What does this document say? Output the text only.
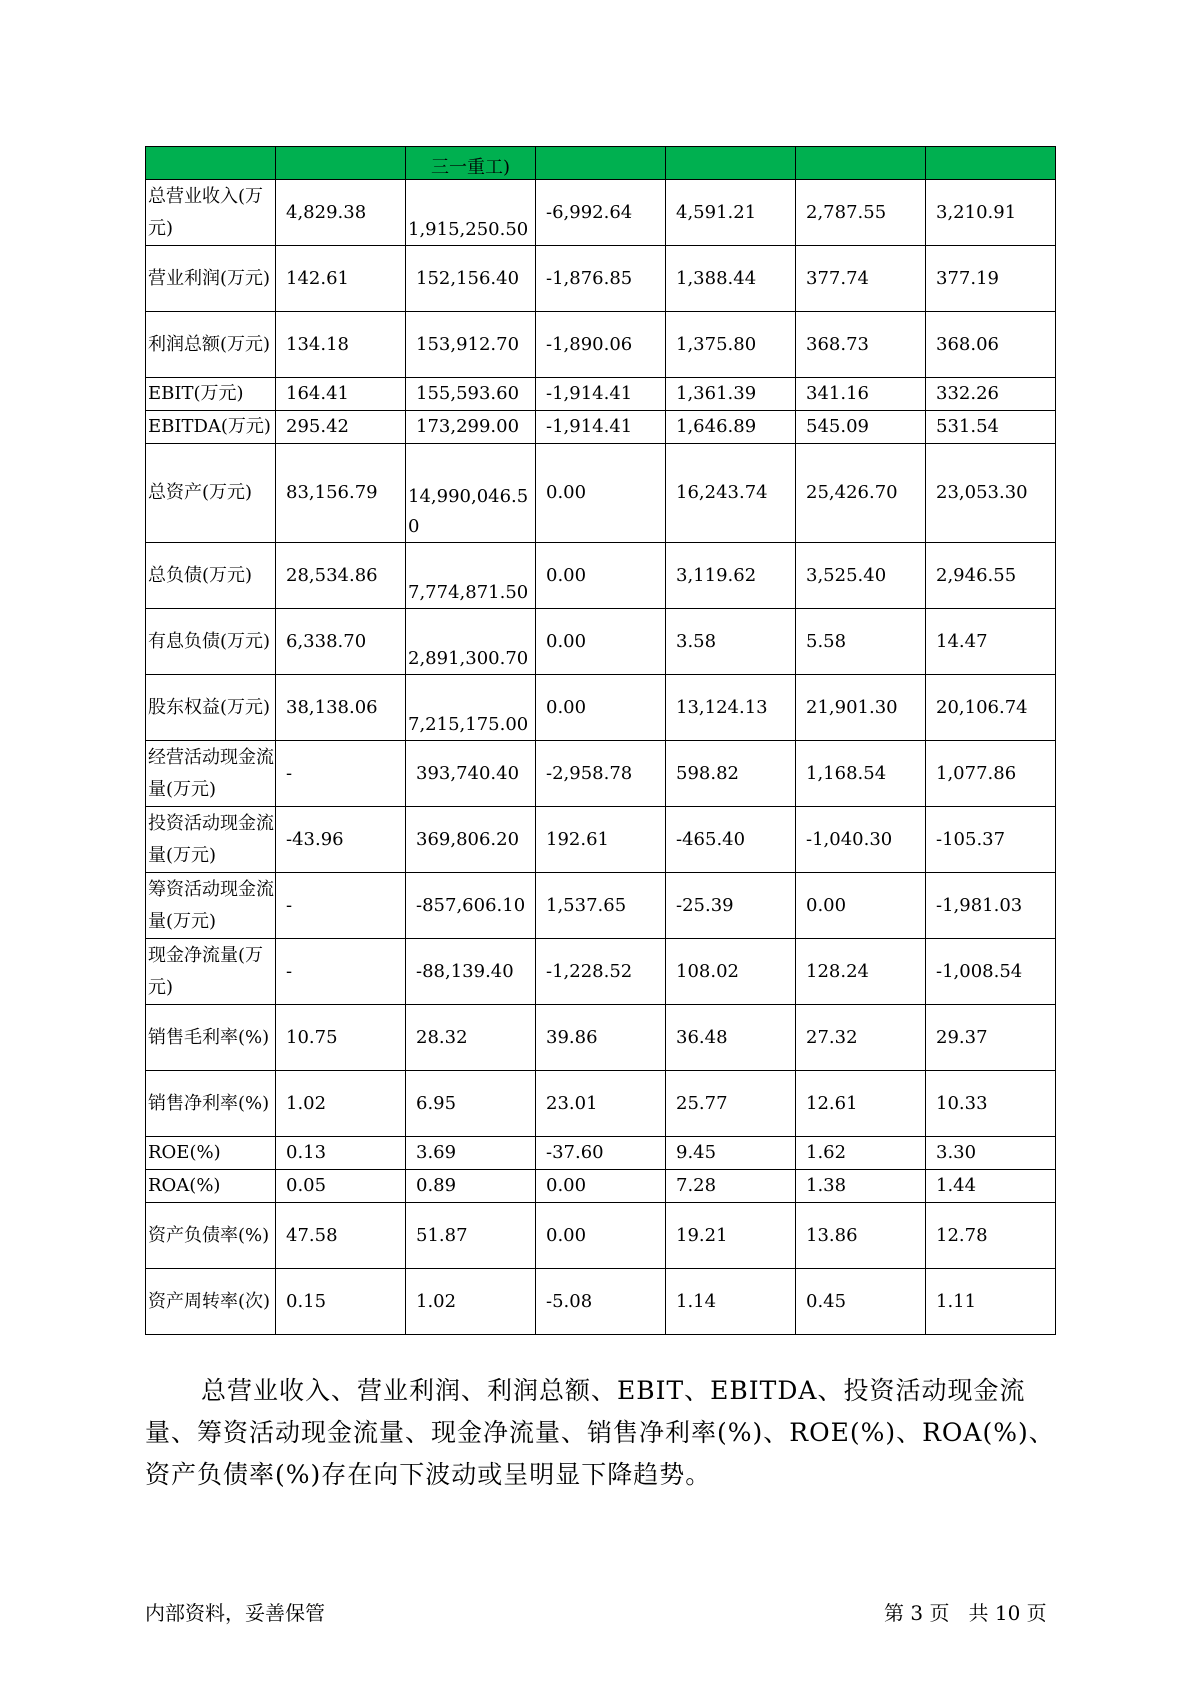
		三一重工)				

总营业收入(万元)	4,829.38	1,915,250.50	-6,992.64	4,591.21	2,787.55	3,210.91

营业利润(万元)	142.61	152,156.40	-1,876.85	1,388.44	377.74	377.19

利润总额(万元)	134.18	153,912.70	-1,890.06	1,375.80	368.73	368.06

EBIT(万元)	164.41	155,593.60	-1,914.41	1,361.39	341.16	332.26

EBITDA(万元)	295.42	173,299.00	-1,914.41	1,646.89	545.09	531.54

总资产(万元)	83,156.79	14,990,046.50	0.00	16,243.74	25,426.70	23,053.30

总负债(万元)	28,534.86	7,774,871.50	0.00	3,119.62	3,525.40	2,946.55

有息负债(万元)	6,338.70	2,891,300.70	0.00	3.58	5.58	14.47

股东权益(万元)	38,138.06	7,215,175.00	0.00	13,124.13	21,901.30	20,106.74

经营活动现金流量(万元)	-	393,740.40	-2,958.78	598.82	1,168.54	1,077.86

投资活动现金流量(万元)	-43.96	369,806.20	192.61	-465.40	-1,040.30	-105.37

筹资活动现金流量(万元)	-	-857,606.10	1,537.65	-25.39	0.00	-1,981.03

现金净流量(万元)	-	-88,139.40	-1,228.52	108.02	128.24	-1,008.54

销售毛利率(%)	10.75	28.32	39.86	36.48	27.32	29.37

销售净利率(%)	1.02	6.95	23.01	25.77	12.61	10.33

ROE(%)	0.13	3.69	-37.60	9.45	1.62	3.30

ROA(%)	0.05	0.89	0.00	7.28	1.38	1.44

资产负债率(%)	47.58	51.87	0.00	19.21	13.86	12.78

资产周转率(次)	0.15	1.02	-5.08	1.14	0.45	1.11

总营业收入、营业利润、利润总额、EBIT、EBITDA、投资活动现金流量、筹资活动现金流量、现金净流量、销售净利率(%)、ROE(%)、ROA(%)、资产负债率(%)存在向下波动或呈明显下降趋势。

内部资料，妥善保管	第 3 页   共 10 页
